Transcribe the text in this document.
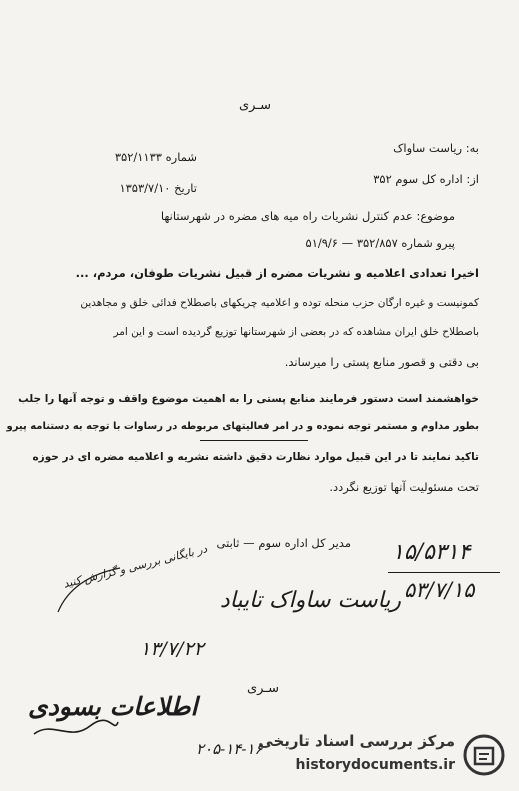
سـری
به: ریاست ساواک
از: اداره کل سوم ۳۵۲
شماره ۳۵۲/۱۱۳۳
تاریخ ۱۳۵۳/۷/۱۰
موضوع: عدم کنترل نشریات راه میه های مضره در شهرستانها
پیرو شماره ۳۵۲/۸۵۷ — ۵۱/۹/۶
اخیرا تعدادی اعلامیه و نشریات مضره از قبیل نشریات طوفان، مردم، ...
کمونیست و غیره ارگان حزب منحله توده و اعلامیه چریکهای باصطلاح فدائی خلق و مجاهدین
باصطلاح خلق ایران مشاهده که در بعضی از شهرستانها توزیع گردیده است و این امر
بی دقتی و قصور منابع پستی را میرساند.
خواهشمند است دستور فرمایند منابع پستی را به اهمیت موضوع واقف و توجه آنها را جلب
بطور مداوم و مستمر توجه نموده و در امر فعالیتهای مربوطه در رساوات با توجه به دستنامه پیرو
تاکید نمایند تا در این قبیل موارد نظارت دقیق داشته نشریه و اعلامیه مضره ای در حوزه
تحت مسئولیت آنها توزیع نگردد.
مدیر کل اداره سوم — ثابتی ۱۵/۵۳۱۴
۵۳/۷/۱۵
ریاست ساواک تایباد
در بایگانی بررسی و گزارش کنید
۱۳/۷/۲۲
سـری
اطلاعات بسودی
۲۰۵-۱۴-۱۶
مرکز بررسی اسناد تاریخی
historydocuments.ir
